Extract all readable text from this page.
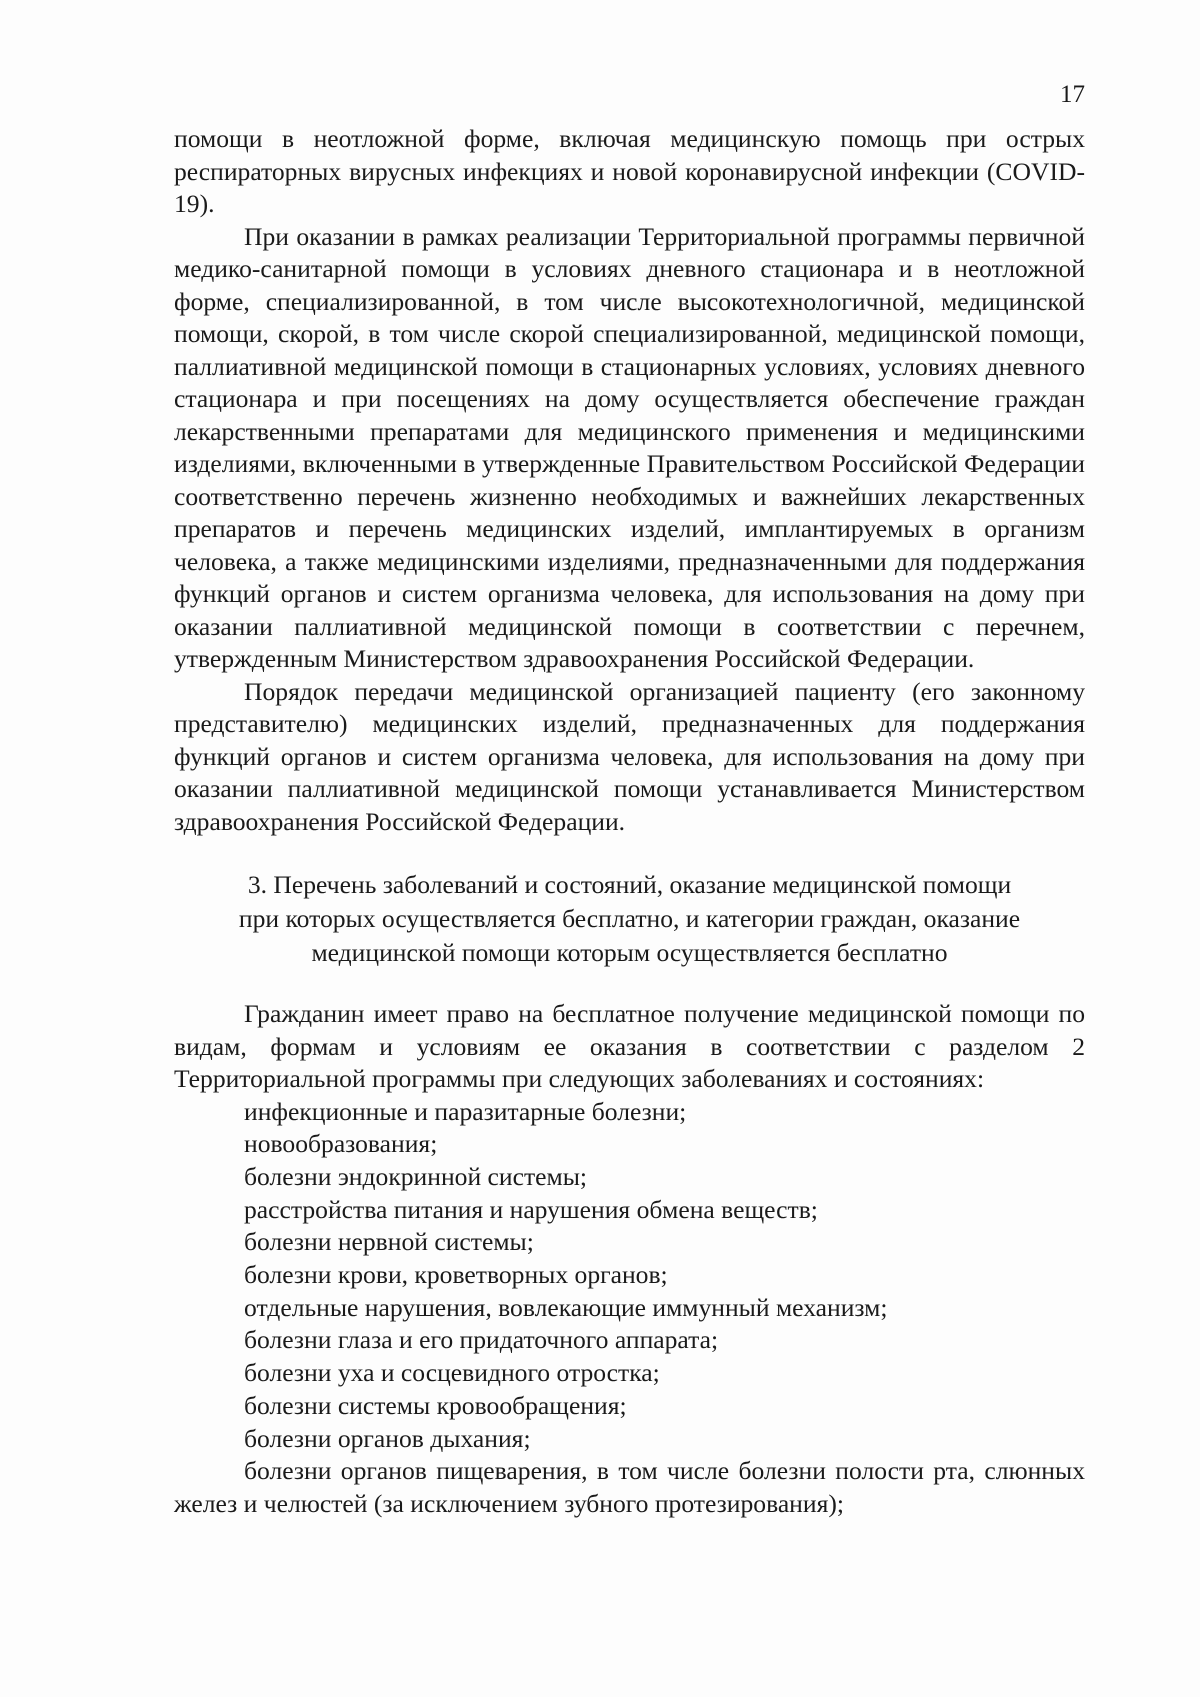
17

помощи в неотложной форме, включая медицинскую помощь при острых респираторных вирусных инфекциях и новой коронавирусной инфекции (COVID-19).

При оказании в рамках реализации Территориальной программы первичной медико-санитарной помощи в условиях дневного стационара и в неотложной форме, специализированной, в том числе высокотехнологичной, медицинской помощи, скорой, в том числе скорой специализированной, медицинской помощи, паллиативной медицинской помощи в стационарных условиях, условиях дневного стационара и при посещениях на дому осуществляется обеспечение граждан лекарственными препаратами для медицинского применения и медицинскими изделиями, включенными в утвержденные Правительством Российской Федерации соответственно перечень жизненно необходимых и важнейших лекарственных препаратов и перечень медицинских изделий, имплантируемых в организм человека, а также медицинскими изделиями, предназначенными для поддержания функций органов и систем организма человека, для использования на дому при оказании паллиативной медицинской помощи в соответствии с перечнем, утвержденным Министерством здравоохранения Российской Федерации.

Порядок передачи медицинской организацией пациенту (его законному представителю) медицинских изделий, предназначенных для поддержания функций органов и систем организма человека, для использования на дому при оказании паллиативной медицинской помощи устанавливается Министерством здравоохранения Российской Федерации.

3. Перечень заболеваний и состояний, оказание медицинской помощи
при которых осуществляется бесплатно, и категории граждан, оказание
медицинской помощи которым осуществляется бесплатно

Гражданин имеет право на бесплатное получение медицинской помощи по видам, формам и условиям ее оказания в соответствии с разделом 2 Территориальной программы при следующих заболеваниях и состояниях:

инфекционные и паразитарные болезни;
новообразования;
болезни эндокринной системы;
расстройства питания и нарушения обмена веществ;
болезни нервной системы;
болезни крови, кроветворных органов;
отдельные нарушения, вовлекающие иммунный механизм;
болезни глаза и его придаточного аппарата;
болезни уха и сосцевидного отростка;
болезни системы кровообращения;
болезни органов дыхания;
болезни органов пищеварения, в том числе болезни полости рта, слюнных желез и челюстей (за исключением зубного протезирования);
